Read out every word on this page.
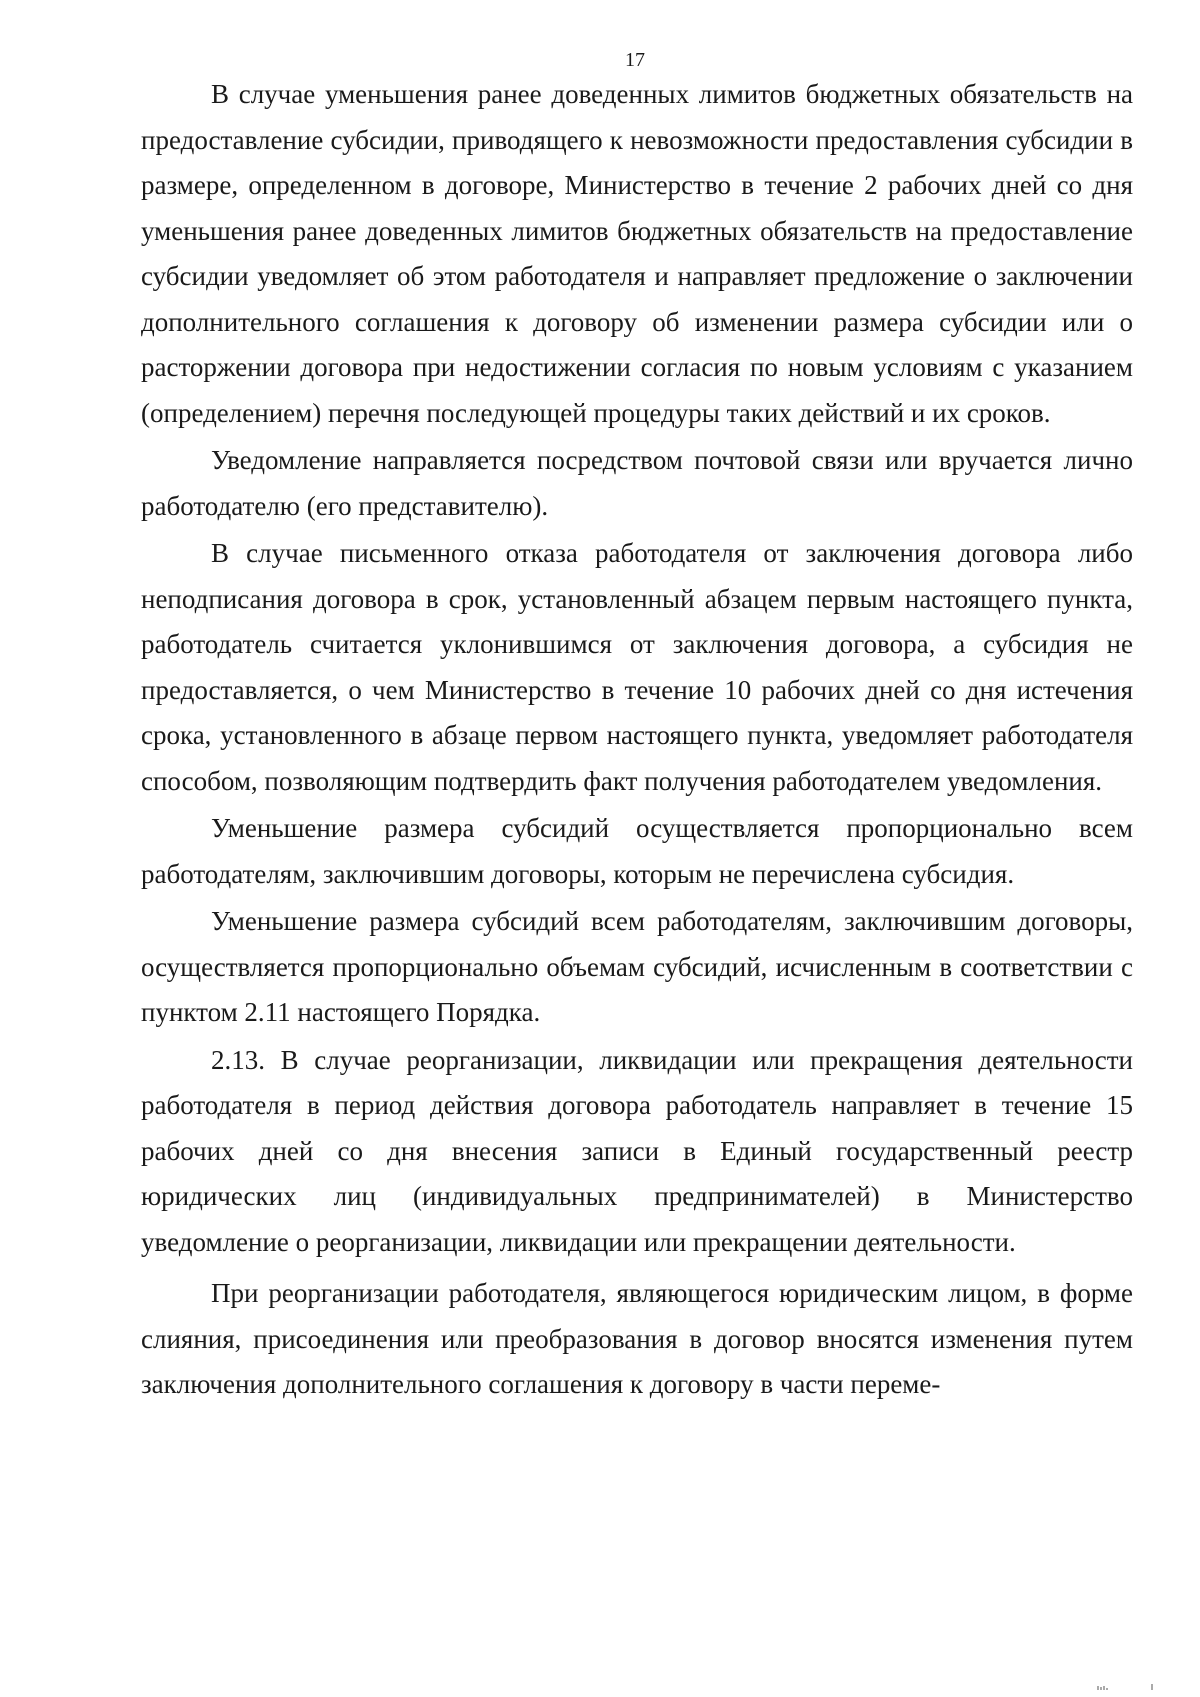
17

В случае уменьшения ранее доведенных лимитов бюджетных обязательств на предоставление субсидии, приводящего к невозможности предоставления субсидии в размере, определенном в договоре, Министерство в течение 2 рабочих дней со дня уменьшения ранее доведенных лимитов бюджетных обязательств на предоставление субсидии уведомляет об этом работодателя и направляет предложение о заключении дополнительного соглашения к договору об изменении размера субсидии или о расторжении договора при недостижении согласия по новым условиям с указанием (определением) перечня последующей процедуры таких действий и их сроков.

Уведомление направляется посредством почтовой связи или вручается лично работодателю (его представителю).

В случае письменного отказа работодателя от заключения договора либо неподписания договора в срок, установленный абзацем первым настоящего пункта, работодатель считается уклонившимся от заключения договора, а субсидия не предоставляется, о чем Министерство в течение 10 рабочих дней со дня истечения срока, установленного в абзаце первом настоящего пункта, уведомляет работодателя способом, позволяющим подтвердить факт получения работодателем уведомления.

Уменьшение размера субсидий осуществляется пропорционально всем работодателям, заключившим договоры, которым не перечислена субсидия.

Уменьшение размера субсидий всем работодателям, заключившим договоры, осуществляется пропорционально объемам субсидий, исчисленным в соответствии с пунктом 2.11 настоящего Порядка.

2.13. В случае реорганизации, ликвидации или прекращения деятельности работодателя в период действия договора работодатель направляет в течение 15 рабочих дней со дня внесения записи в Единый государственный реестр юридических лиц (индивидуальных предпринимателей) в Министерство уведомление о реорганизации, ликвидации или прекращении деятельности.

При реорганизации работодателя, являющегося юридическим лицом, в форме слияния, присоединения или преобразования в договор вносятся изменения путем заключения дополнительного соглашения к договору в части переме-
